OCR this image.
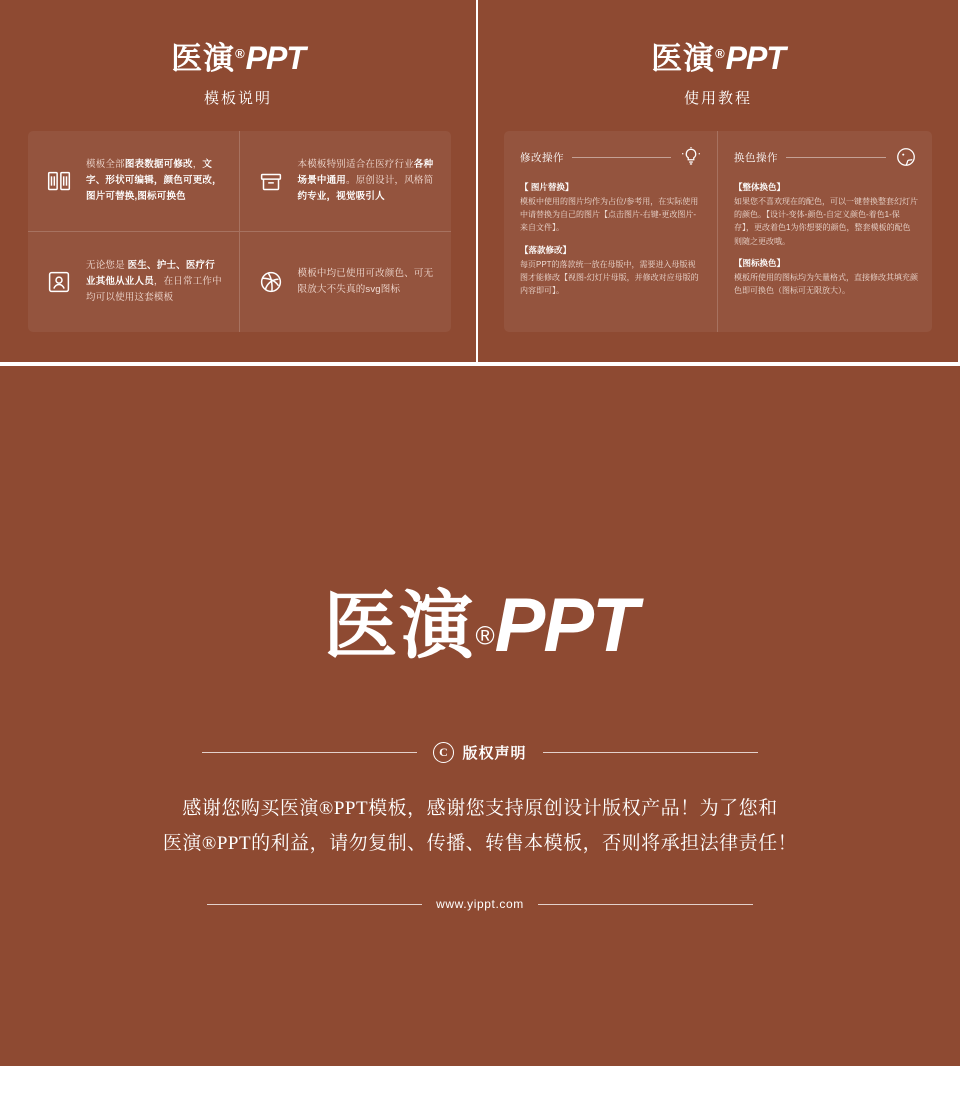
医演®PPT
模板说明
模板全部图表数据可修改，文字、形状可编辑，颜色可更改，图片可替换,图标可换色
本模板特别适合在医疗行业各种场景中通用。原创设计，风格简约专业，视觉吸引人
无论您是 医生、护士、医疗行业其他从业人员，在日常工作中均可以使用这套模板
模板中均已使用可改颜色、可无限放大不失真的svg图标
医演®PPT
使用教程
修改操作
【 图片替换】
模板中使用的图片均作为占位/参考用，在实际使用中请替换为自己的图片【点击图片-右键-更改图片-来自文件】。
【落款修改】
每页PPT的落款统一放在母版中，需要进入母版视图才能修改【视图-幻灯片母版，并修改对应母版的内容即可】。
换色操作
【整体换色】
如果您不喜欢现在的配色，可以一键替换整套幻灯片的颜色。【设计-变体-颜色-自定义颜色-着色1-保存】，更改着色1为你想要的颜色，整套模板的配色则随之更改哦。
【图标换色】
模板所使用的图标均为矢量格式，直接修改其填充颜色即可换色（图标可无限放大）。
医演®PPT
C 版权声明
感谢您购买医演®PPT模板，感谢您支持原创设计版权产品！为了您和
医演®PPT的利益，请勿复制、传播、转售本模板，否则将承担法律责任！
www.yippt.com
